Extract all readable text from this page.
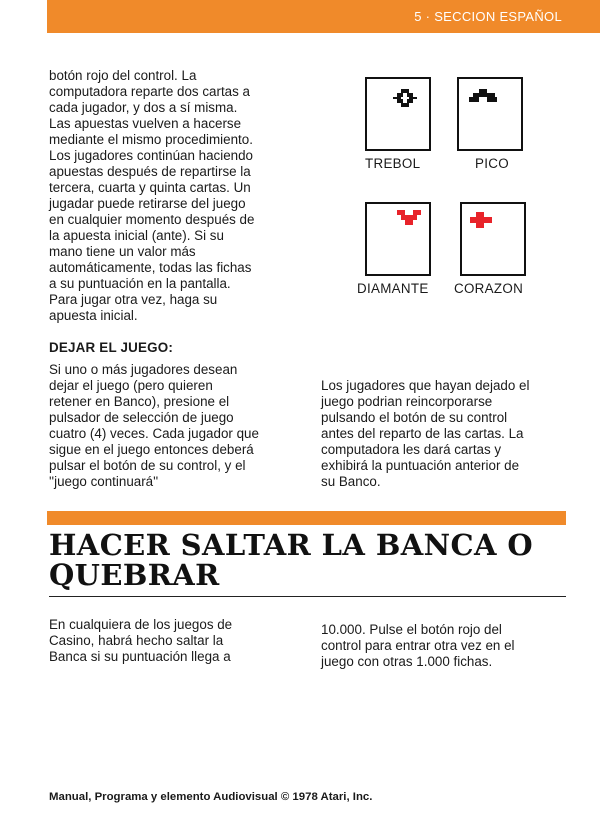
5 · SECCION ESPAÑOL

botón rojo del control. La

computadora reparte dos cartas a

cada jugador, y dos a sí misma.

Las apuestas vuelven a hacerse

mediante el mismo procedimiento.

Los jugadores continúan haciendo

apuestas después de repartirse la

tercera, cuarta y quinta cartas. Un

jugadar puede retirarse del juego

en cualquier momento después de

la apuesta inicial (ante). Si su

mano tiene un valor más

automáticamente, todas las fichas

a su puntuación en la pantalla.

Para jugar otra vez, haga su

apuesta inicial.

DEJAR EL JUEGO:

Si uno o más jugadores desean

dejar el juego (pero quieren

retener en Banco), presione el

pulsador de selección de juego

cuatro (4) veces. Cada jugador que

sigue en el juego entonces deberá

pulsar el botón de su control, y el

''juego continuará''

TREBOL	PICO
DIAMANTE CORAZON

Los jugadores que hayan dejado el

juego podrian reincorporarse

pulsando el botón de su control

antes del reparto de las cartas. La

computadora les dará cartas y

exhibirá la puntuación anterior de

su Banco.

HACER SALTAR LA BANCA O
QUEBRAR

En cualquiera de los juegos de

Casino, habrá hecho saltar la

Banca si su puntuación llega a

10.000. Pulse el botón rojo del

control para entrar otra vez en el

juego con otras 1.000 fichas.

Manual, Programa y elemento Audiovisual © 1978 Atari, Inc.
